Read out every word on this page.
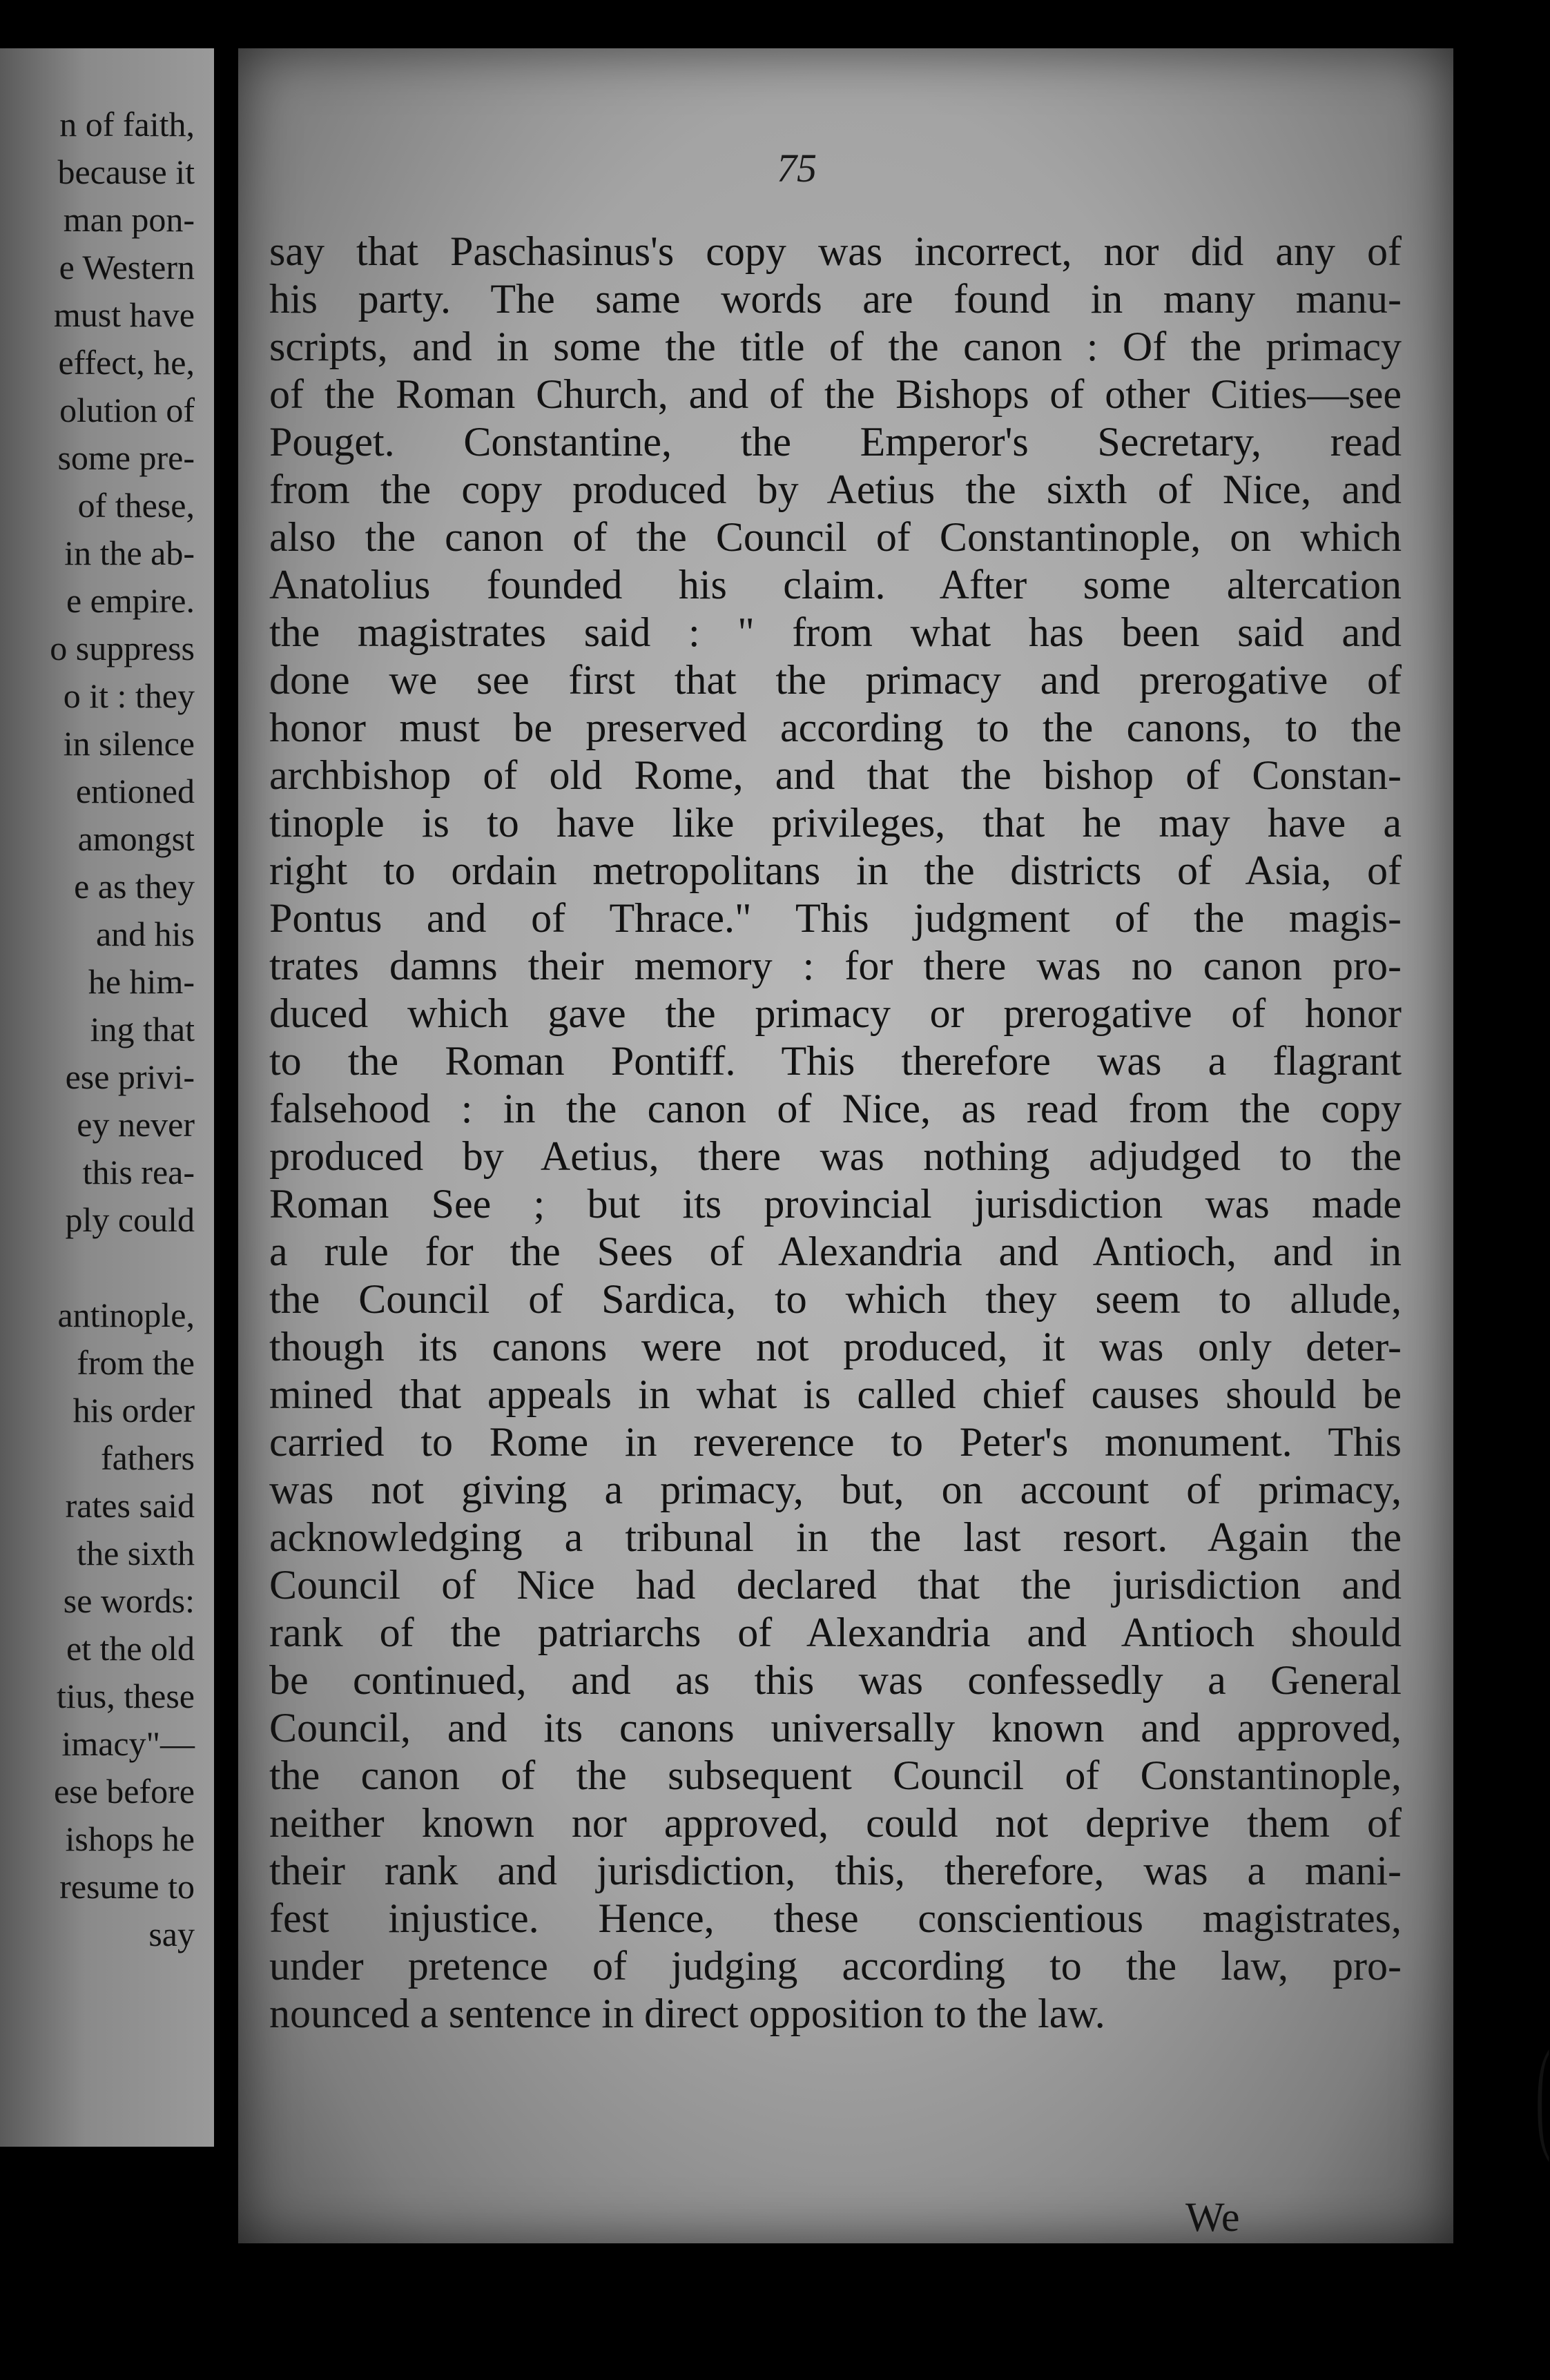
n of faith,
because it
man pon-
e Western
must have
effect, he,
olution of
some pre-
of these,
in the ab-
e empire.
o suppress
o it : they
in silence
entioned
amongst
e as they
and his
he him-
ing that
ese privi-
ey never
this rea-
ply could
antinople,
from the
his order
fathers
rates said
the sixth
se words:
et the old
tius, these
imacy"—
ese before
ishops he
resume to
say
75
say that Paschasinus's copy was incorrect, nor did any of
his party. The same words are found in many manu-
scripts, and in some the title of the canon : Of the primacy
of the Roman Church, and of the Bishops of other Cities—see
Pouget. Constantine, the Emperor's Secretary, read
from the copy produced by Aetius the sixth of Nice, and
also the canon of the Council of Constantinople, on which
Anatolius founded his claim. After some altercation
the magistrates said : " from what has been said and
done we see first that the primacy and prerogative of
honor must be preserved according to the canons, to the
archbishop of old Rome, and that the bishop of Constan-
tinople is to have like privileges, that he may have a
right to ordain metropolitans in the districts of Asia, of
Pontus and of Thrace." This judgment of the magis-
trates damns their memory : for there was no canon pro-
duced which gave the primacy or prerogative of honor
to the Roman Pontiff. This therefore was a flagrant
falsehood : in the canon of Nice, as read from the copy
produced by Aetius, there was nothing adjudged to the
Roman See ; but its provincial jurisdiction was made
a rule for the Sees of Alexandria and Antioch, and in
the Council of Sardica, to which they seem to allude,
though its canons were not produced, it was only deter-
mined that appeals in what is called chief causes should be
carried to Rome in reverence to Peter's monument. This
was not giving a primacy, but, on account of primacy,
acknowledging a tribunal in the last resort. Again the
Council of Nice had declared that the jurisdiction and
rank of the patriarchs of Alexandria and Antioch should
be continued, and as this was confessedly a General
Council, and its canons universally known and approved,
the canon of the subsequent Council of Constantinople,
neither known nor approved, could not deprive them of
their rank and jurisdiction, this, therefore, was a mani-
fest injustice. Hence, these conscientious magistrates,
under pretence of judging according to the law, pro-
nounced a sentence in direct opposition to the law.
We
(
